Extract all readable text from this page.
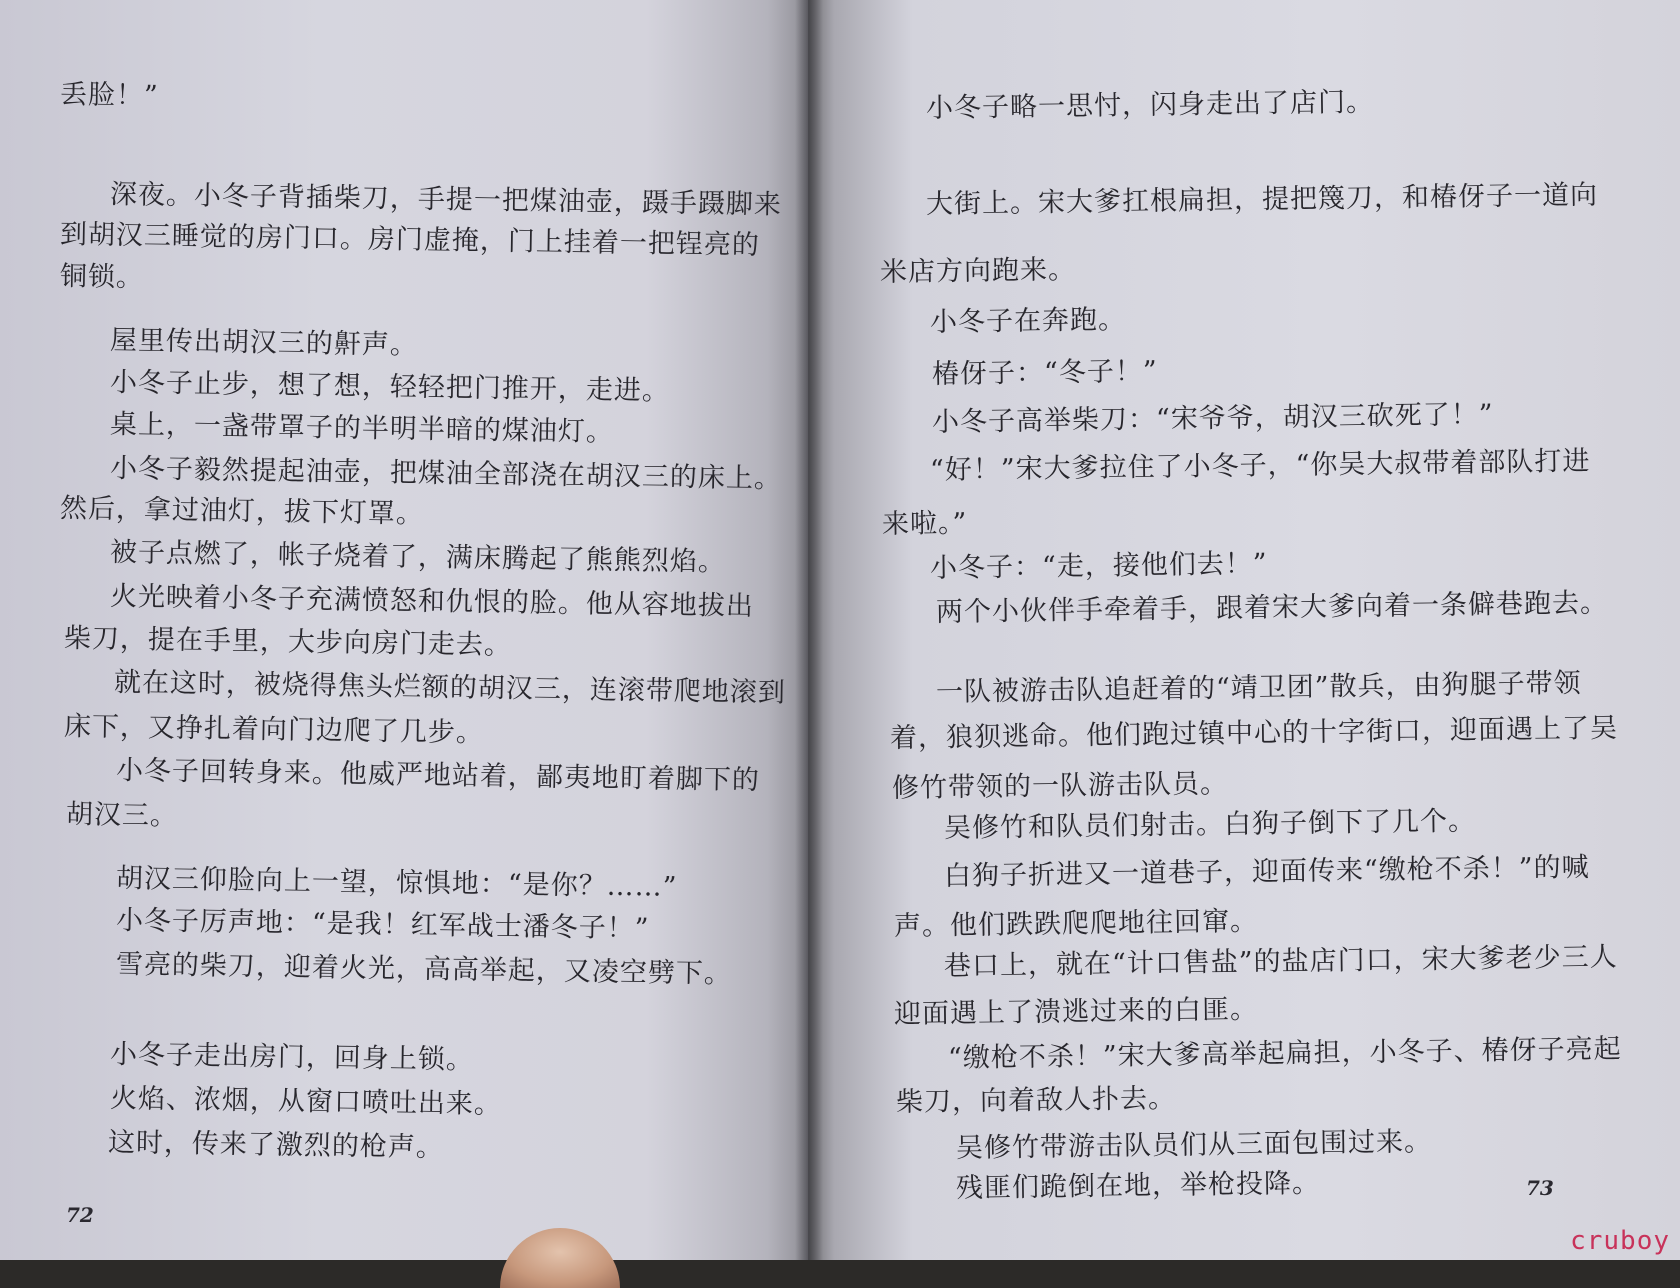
丢脸！”
深夜。小冬子背插柴刀，手提一把煤油壶，蹑手蹑脚来
到胡汉三睡觉的房门口。房门虚掩，门上挂着一把锃亮的
铜锁。
屋里传出胡汉三的鼾声。
小冬子止步，想了想，轻轻把门推开，走进。
桌上，一盏带罩子的半明半暗的煤油灯。
小冬子毅然提起油壶，把煤油全部浇在胡汉三的床上。
然后，拿过油灯，拔下灯罩。
被子点燃了，帐子烧着了，满床腾起了熊熊烈焰。
火光映着小冬子充满愤怒和仇恨的脸。他从容地拔出
柴刀，提在手里，大步向房门走去。
就在这时，被烧得焦头烂额的胡汉三，连滚带爬地滚到
床下，又挣扎着向门边爬了几步。
小冬子回转身来。他威严地站着，鄙夷地盯着脚下的
胡汉三。
胡汉三仰脸向上一望，惊惧地：“是你？……”
小冬子厉声地：“是我！红军战士潘冬子！”
雪亮的柴刀，迎着火光，高高举起，又凌空劈下。
小冬子走出房门，回身上锁。
火焰、浓烟，从窗口喷吐出来。
这时，传来了激烈的枪声。
72
小冬子略一思忖，闪身走出了店门。
大街上。宋大爹扛根扁担，提把篾刀，和椿伢子一道向
米店方向跑来。
小冬子在奔跑。
椿伢子：“冬子！”
小冬子高举柴刀：“宋爷爷，胡汉三砍死了！”
“好！”宋大爹拉住了小冬子，“你吴大叔带着部队打进
来啦。”
小冬子：“走，接他们去！”
两个小伙伴手牵着手，跟着宋大爹向着一条僻巷跑去。
一队被游击队追赶着的“靖卫团”散兵，由狗腿子带领
着，狼狈逃命。他们跑过镇中心的十字街口，迎面遇上了吴
修竹带领的一队游击队员。
吴修竹和队员们射击。白狗子倒下了几个。
白狗子折进又一道巷子，迎面传来“缴枪不杀！”的喊
声。他们跌跌爬爬地往回窜。
巷口上，就在“计口售盐”的盐店门口，宋大爹老少三人
迎面遇上了溃逃过来的白匪。
“缴枪不杀！”宋大爹高举起扁担，小冬子、椿伢子亮起
柴刀，向着敌人扑去。
吴修竹带游击队员们从三面包围过来。
残匪们跪倒在地，举枪投降。	73
cruboy
